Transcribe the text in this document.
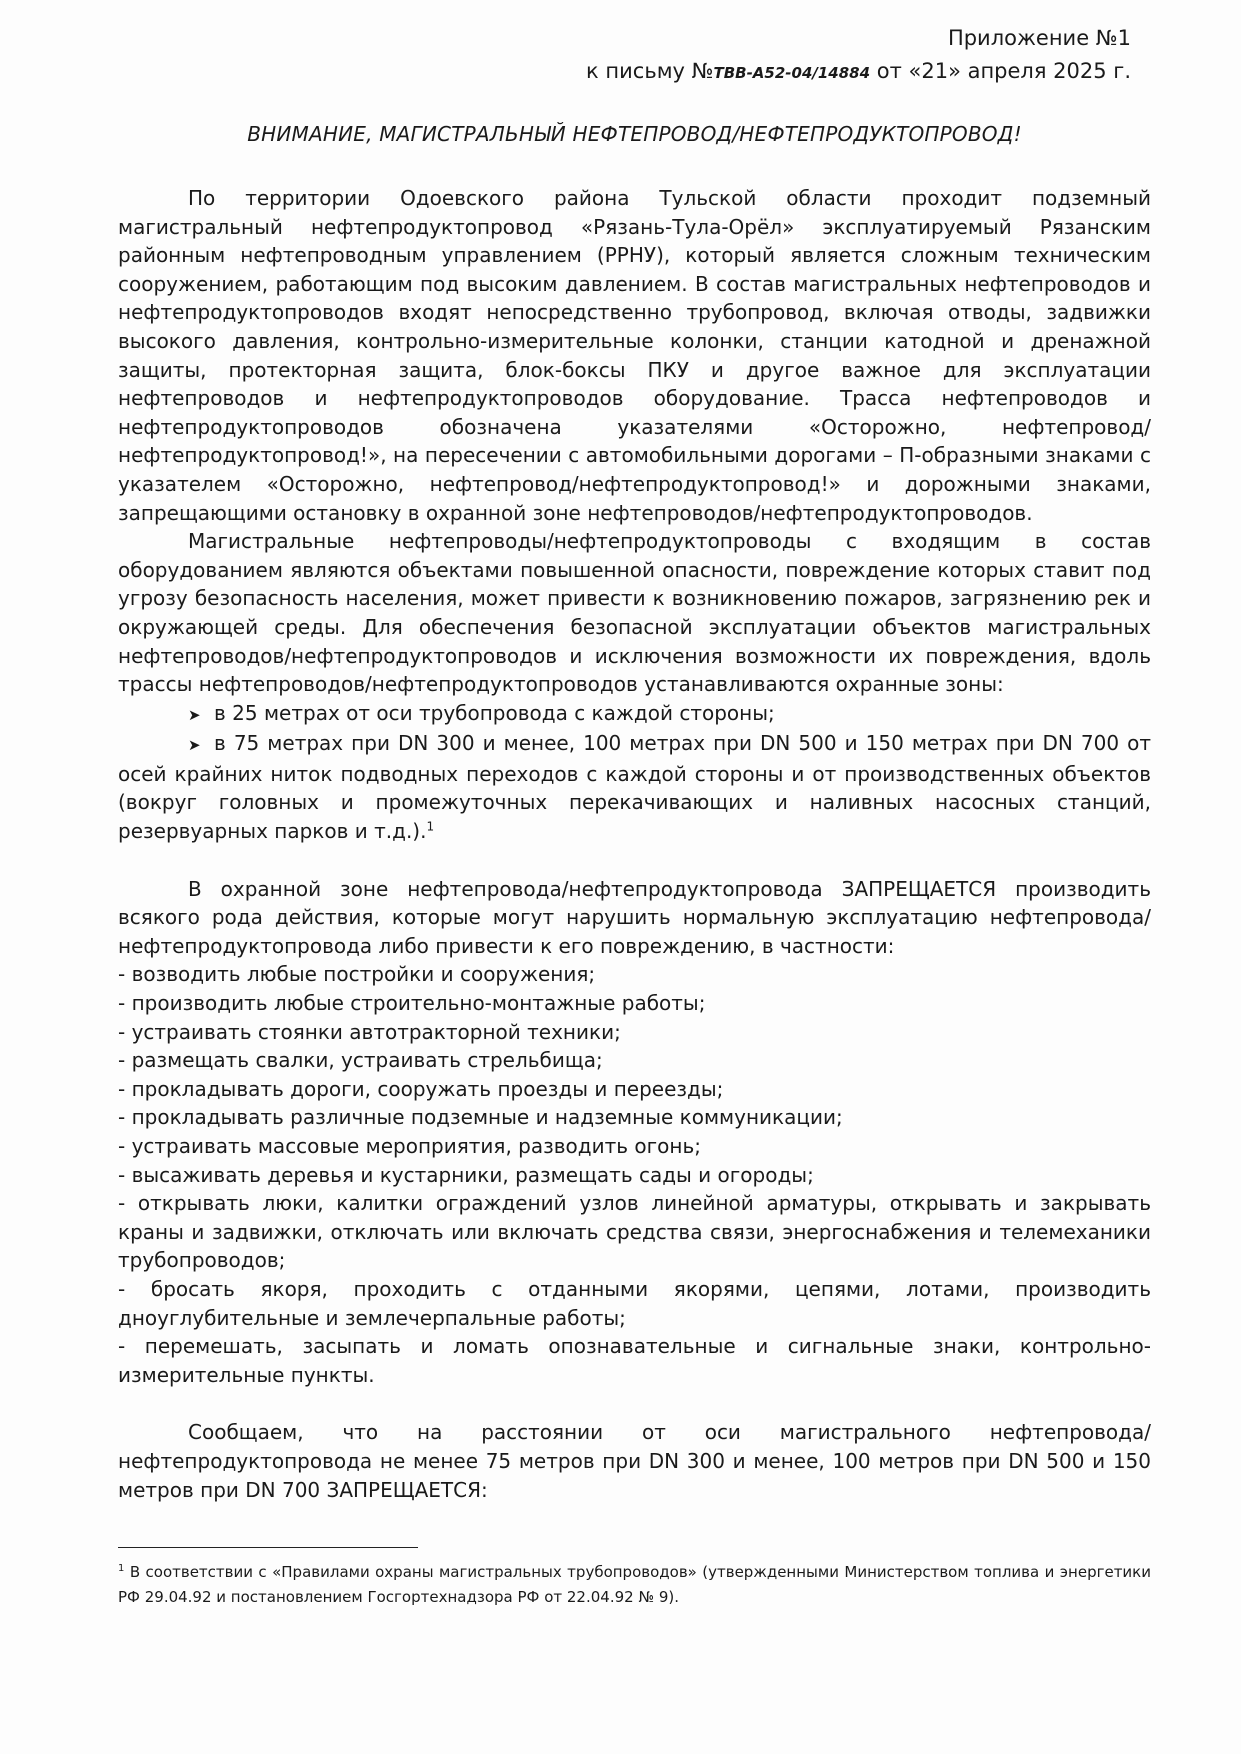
Приложение №1
к письму №ТВВ-А52-04/14884 от «21» апреля 2025 г.
ВНИМАНИЕ, МАГИСТРАЛЬНЫЙ НЕФТЕПРОВОД/НЕФТЕПРОДУКТОПРОВОД!

По территории Одоевского района Тульской области проходит подземный магистральный нефтепродуктопровод «Рязань-Тула-Орёл» эксплуатируемый Рязанским районным нефтепроводным управлением (РРНУ), который является сложным техническим сооружением, работающим под высоким давлением. В состав магистральных нефтепроводов и нефтепродуктопроводов входят непосредственно трубопровод, включая отводы, задвижки высокого давления, контрольно-измерительные колонки, станции катодной и дренажной защиты, протекторная защита, блок-боксы ПКУ и другое важное для эксплуатации нефтепроводов и нефтепродуктопроводов оборудование. Трасса нефтепроводов и нефтепродуктопроводов обозначена указателями «Осторожно, нефтепровод/нефтепродуктопровод!», на пересечении с автомобильными дорогами – П-образными знаками с указателем «Осторожно, нефтепровод/нефтепродуктопровод!» и дорожными знаками, запрещающими остановку в охранной зоне нефтепроводов/нефтепродуктопроводов.

Магистральные нефтепроводы/нефтепродуктопроводы с входящим в состав оборудованием являются объектами повышенной опасности, повреждение которых ставит под угрозу безопасность населения, может привести к возникновению пожаров, загрязнению рек и окружающей среды. Для обеспечения безопасной эксплуатации объектов магистральных нефтепроводов/нефтепродуктопроводов и исключения возможности их повреждения, вдоль трассы нефтепроводов/нефтепродуктопроводов устанавливаются охранные зоны:

➤ в 25 метрах от оси трубопровода с каждой стороны;

➤ в 75 метрах при DN 300 и менее, 100 метрах при DN 500 и 150 метрах при DN 700 от осей крайних ниток подводных переходов с каждой стороны и от производственных объектов (вокруг головных и промежуточных перекачивающих и наливных насосных станций, резервуарных парков и т.д.).$^1$

В охранной зоне нефтепровода/нефтепродуктопровода ЗАПРЕЩАЕТСЯ производить всякого рода действия, которые могут нарушить нормальную эксплуатацию нефтепровода/нефтепродуктопровода либо привести к его повреждению, в частности:

- возводить любые постройки и сооружения;
- производить любые строительно-монтажные работы;
- устраивать стоянки автотракторной техники;
- размещать свалки, устраивать стрельбища;
- прокладывать дороги, сооружать проезды и переезды;
- прокладывать различные подземные и надземные коммуникации;
- устраивать массовые мероприятия, разводить огонь;
- высаживать деревья и кустарники, размещать сады и огороды;
- открывать люки, калитки ограждений узлов линейной арматуры, открывать и закрывать краны и задвижки, отключать или включать средства связи, энергоснабжения и телемеханики трубопроводов;
- бросать якоря, проходить с отданными якорями, цепями, лотами, производить дноуглубительные и землечерпальные работы;
- перемешать, засыпать и ломать опознавательные и сигнальные знаки, контрольно-измерительные пункты.

Сообщаем, что на расстоянии от оси магистрального нефтепровода/нефтепродуктопровода не менее 75 метров при DN 300 и менее, 100 метров при DN 500 и 150 метров при DN 700 ЗАПРЕЩАЕТСЯ:

$^1$ В соответствии с «Правилами охраны магистральных трубопроводов» (утвержденными Министерством топлива и энергетики РФ 29.04.92 и постановлением Госгортехнадзора РФ от 22.04.92 № 9).
